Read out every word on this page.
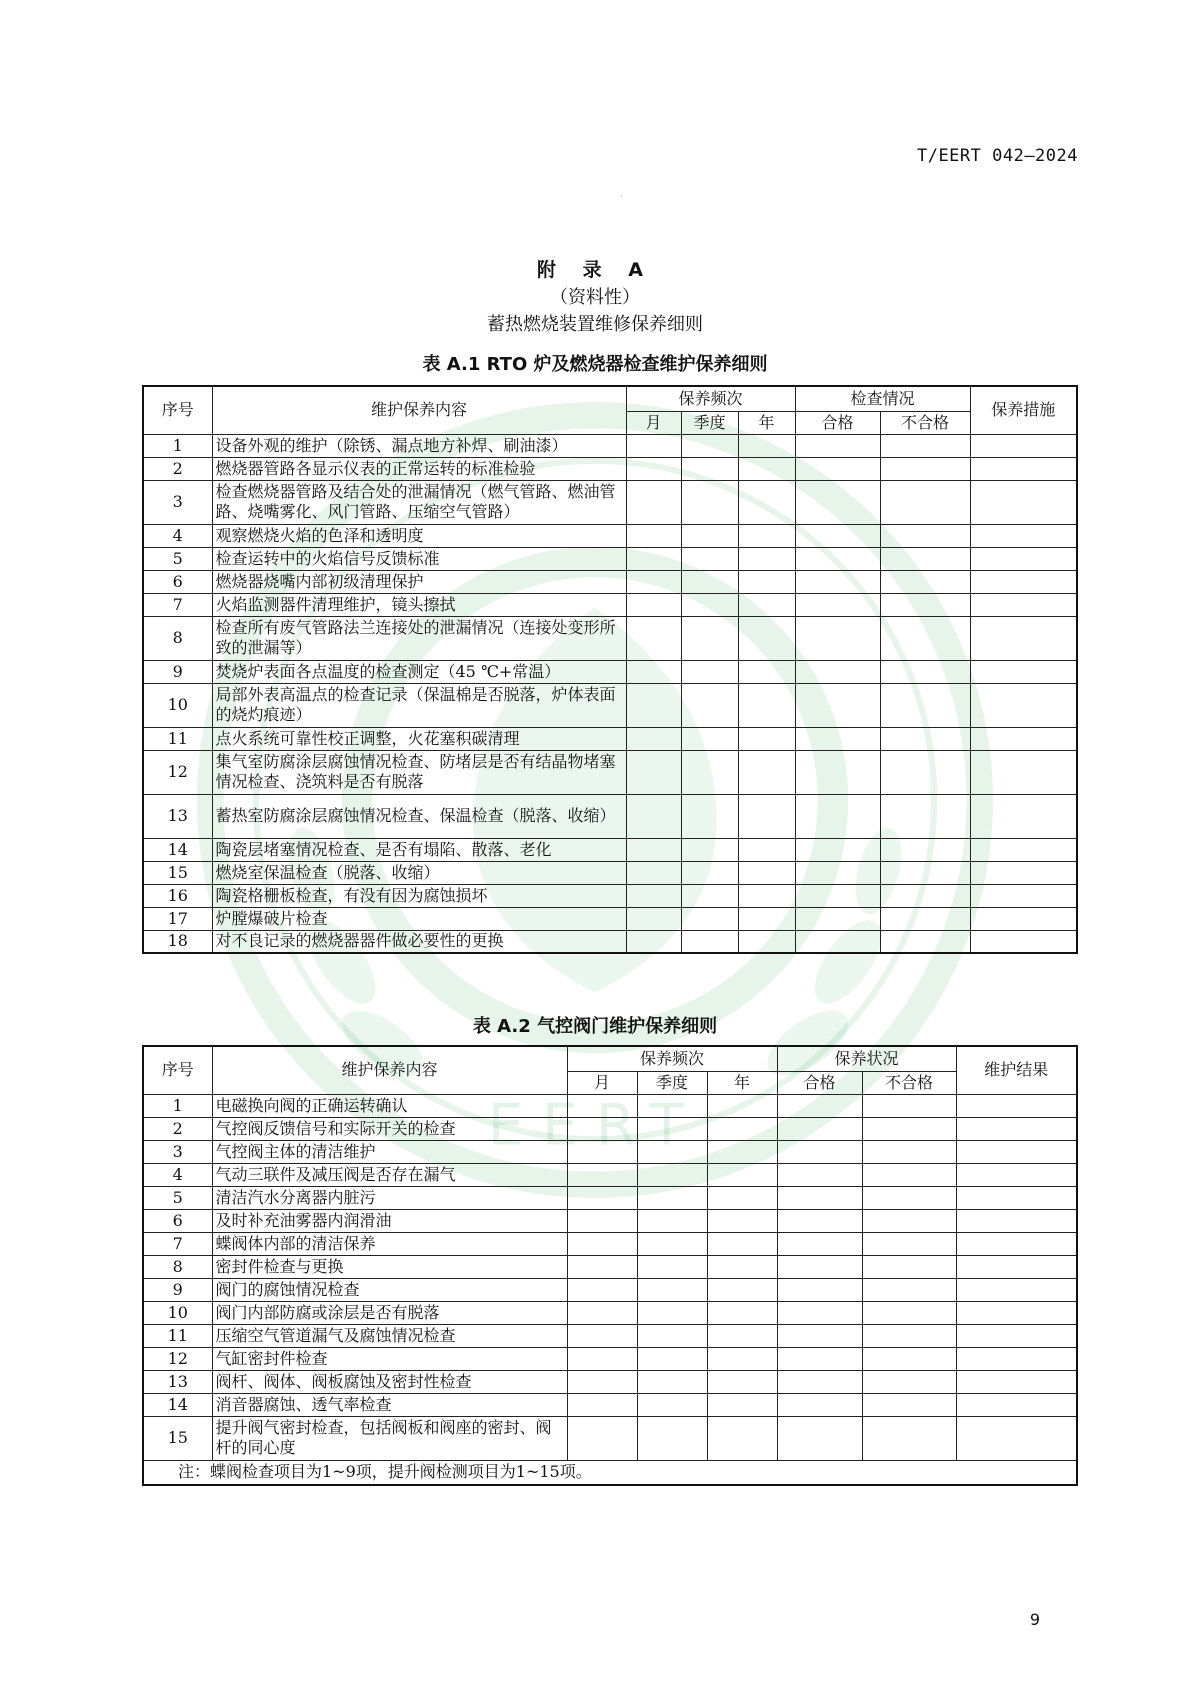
EERT
·
T/EERT 042—2024
附 录 A
（资料性）
蓄热燃烧装置维修保养细则
表 A.1 RTO 炉及燃烧器检查维护保养细则
序号	维护保养内容	保养频次			检查情况		保养措施
		月	季度	年	合格	不合格	
1	设备外观的维护（除锈、漏点地方补焊、刷油漆）						
2	燃烧器管路各显示仪表的正常运转的标准检验						
3	检查燃烧器管路及结合处的泄漏情况（燃气管路、燃油管路、烧嘴雾化、风门管路、压缩空气管路）						
4	观察燃烧火焰的色泽和透明度						
5	检查运转中的火焰信号反馈标准						
6	燃烧器烧嘴内部初级清理保护						
7	火焰监测器件清理维护，镜头擦拭						
8	检查所有废气管路法兰连接处的泄漏情况（连接处变形所致的泄漏等）						
9	焚烧炉表面各点温度的检查测定（45 ℃+常温）						
10	局部外表高温点的检查记录（保温棉是否脱落，炉体表面的烧灼痕迹）						
11	点火系统可靠性校正调整，火花塞积碳清理						
12	集气室防腐涂层腐蚀情况检查、防堵层是否有结晶物堵塞情况检查、浇筑料是否有脱落						
13	蓄热室防腐涂层腐蚀情况检查、保温检查（脱落、收缩）						
14	陶瓷层堵塞情况检查、是否有塌陷、散落、老化						
15	燃烧室保温检查（脱落、收缩）						
16	陶瓷格栅板检查，有没有因为腐蚀损坏						
17	炉膛爆破片检查						
18	对不良记录的燃烧器器件做必要性的更换						
表 A.2 气控阀门维护保养细则
序号	维护保养内容	保养频次			保养状况		维护结果
		月	季度	年	合格	不合格	
1	电磁换向阀的正确运转确认						
2	气控阀反馈信号和实际开关的检查						
3	气控阀主体的清洁维护						
4	气动三联件及减压阀是否存在漏气						
5	清洁汽水分离器内脏污						
6	及时补充油雾器内润滑油						
7	蝶阀体内部的清洁保养						
8	密封件检查与更换						
9	阀门的腐蚀情况检查						
10	阀门内部防腐或涂层是否有脱落						
11	压缩空气管道漏气及腐蚀情况检查						
12	气缸密封件检查						
13	阀杆、阀体、阀板腐蚀及密封性检查						
14	消音器腐蚀、透气率检查						
15	提升阀气密封检查，包括阀板和阀座的密封、阀杆的同心度						
注：蝶阀检查项目为1~9项，提升阀检测项目为1~15项。							
9
